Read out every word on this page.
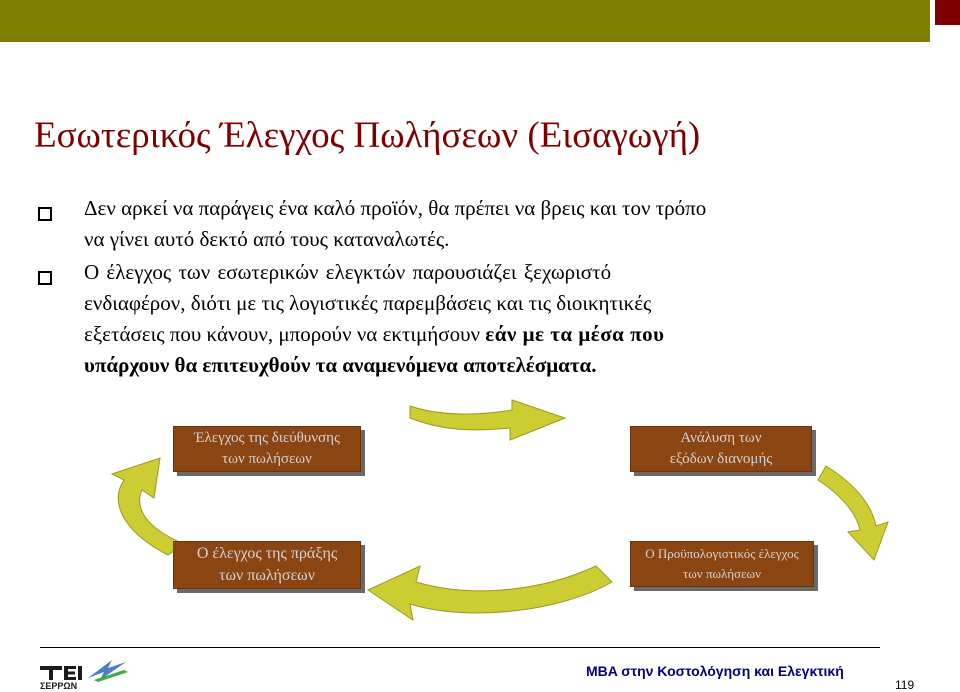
Εσωτερικός Έλεγχος Πωλήσεων (Εισαγωγή)
Δεν αρκεί να παράγεις ένα καλό προϊόν, θα πρέπει να βρεις και τον τρόπο
να γίνει αυτό δεκτό από τους καταναλωτές.
Ο έλεγχος των εσωτερικών ελεγκτών παρουσιάζει ξεχωριστό
ενδιαφέρον, διότι με τις λογιστικές παρεμβάσεις και τις διοικητικές
εξετάσεις που κάνουν, μπορούν να εκτιμήσουν εάν με τα μέσα που
υπάρχουν θα επιτευχθούν τα αναμενόμενα αποτελέσματα.
Έλεγχος της διεύθυνσης
των πωλήσεων
Ανάλυση των
εξόδων διανομής
Ο έλεγχος της πράξης
των πωλήσεων
Ο Προϋπολογιστικός έλεγχος
των πωλήσεων
ΣΕΡΡΩΝ
MBA στην Κοστολόγηση και Ελεγκτική
119
